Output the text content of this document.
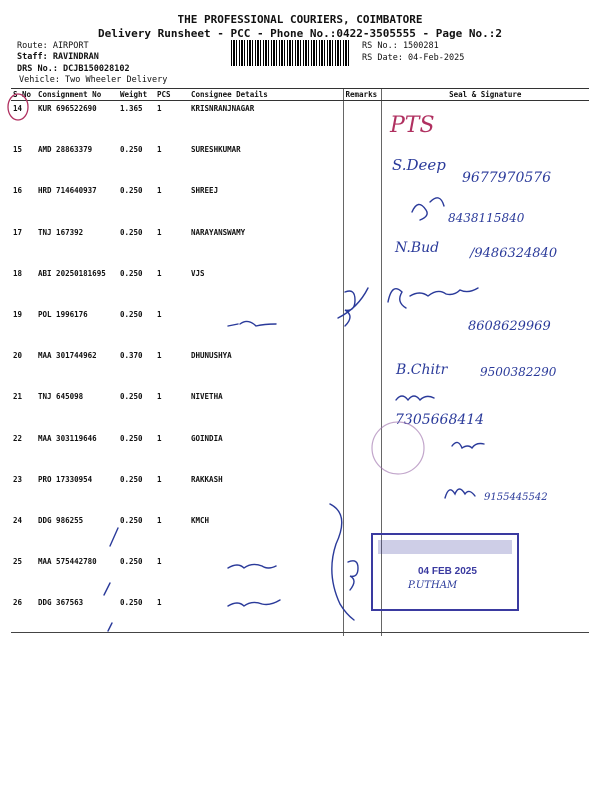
THE PROFESSIONAL COURIERS, COIMBATORE
Delivery Runsheet - PCC - Phone No.:0422-3505555 - Page No.:2
Route: AIRPORT
Staff: RAVINDRAN
DRS No.: DCJB150028102
Vehicle: Two Wheeler Delivery
RS No.: 1500281
RS Date: 04-Feb-2025
S No	Consignment No	Weight	PCS	Consignee Details	Remarks	Seal & Signature
14	KUR 696522690	1.365	1	KRISNRANJNAGAR		
15	AMD 28863379	0.250	1	SURESHKUMAR		
16	HRD 714640937	0.250	1	SHREEJ		
17	TNJ 167392	0.250	1	NARAYANSWAMY		
18	ABI 20250181695	0.250	1	VJS		
19	POL 1996176	0.250	1			
20	MAA 301744962	0.370	1	DHUNUSHYA		
21	TNJ 645098	0.250	1	NIVETHA		
22	MAA 303119646	0.250	1	GOINDIA		
23	PRO 17330954	0.250	1	RAKKASH		
24	DDG 986255	0.250	1	KMCH		
25	MAA 575442780	0.250	1			
26	DDG 367563	0.250	1			
PTS
S.Deep
9677970576
8438115840
N.Bud /9486324840
8608629969
B.Chitr	9500382290
7305668414
9155445542
04 FEB 2025
P.UTHAM
